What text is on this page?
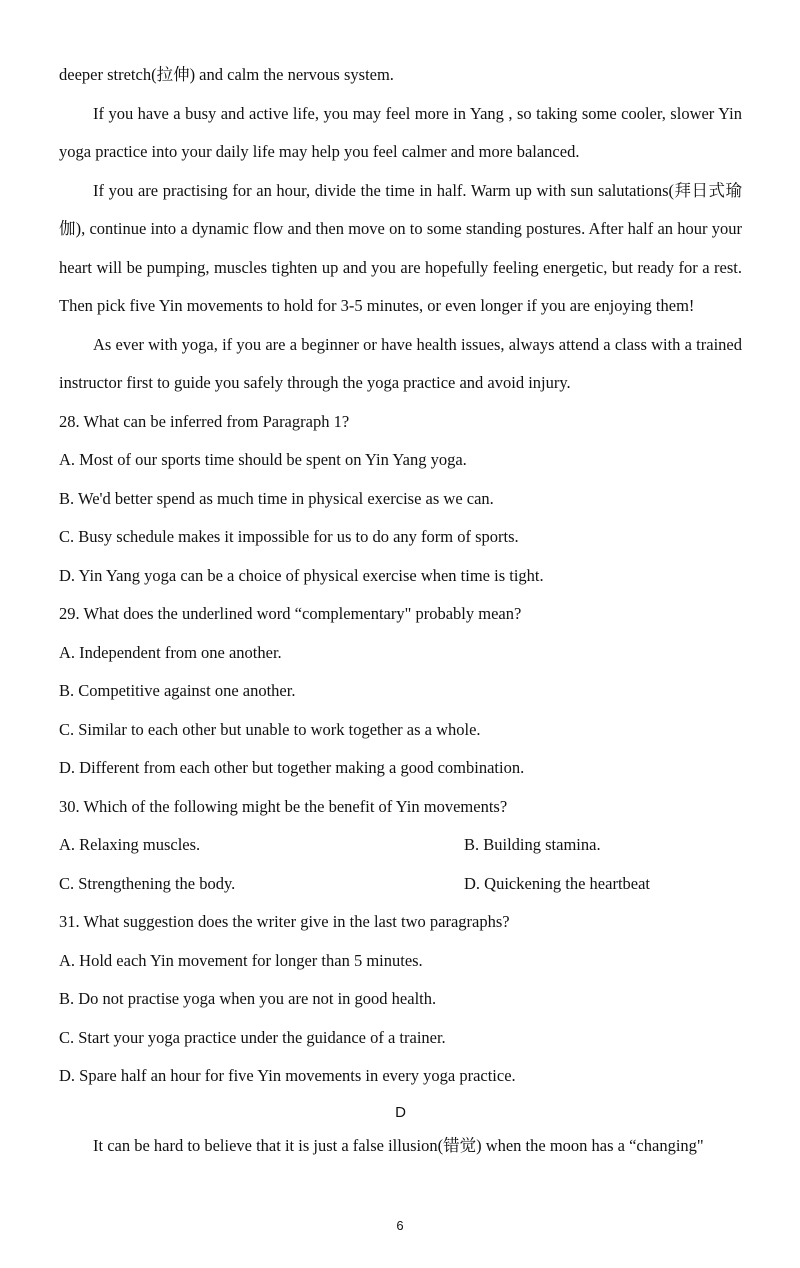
deeper stretch(拉伸) and calm the nervous system.

If you have a busy and active life, you may feel more in Yang , so taking some cooler, slower Yin yoga practice into your daily life may help you feel calmer and more balanced.

If you are practising for an hour, divide the time in half. Warm up with sun salutations(拜日式瑜伽), continue into a dynamic flow and then move on to some standing postures. After half an hour your heart will be pumping, muscles tighten up and you are hopefully feeling energetic, but ready for a rest. Then pick five Yin movements to hold for 3-5 minutes, or even longer if you are enjoying them!

As ever with yoga, if you are a beginner or have health issues, always attend a class with a trained instructor first to guide you safely through the yoga practice and avoid injury.

28. What can be inferred from Paragraph 1?

A. Most of our sports time should be spent on Yin Yang yoga.

B. We'd better spend as much time in physical exercise as we can.

C. Busy schedule makes it impossible for us to do any form of sports.

D. Yin Yang yoga can be a choice of physical exercise when time is tight.

29. What does the underlined word “complementary" probably mean?

A. Independent from one another.

B. Competitive against one another.

C. Similar to each other but unable to work together as a whole.

D. Different from each other but together making a good combination.

30. Which of the following might be the benefit of Yin movements?

A. Relaxing muscles.	B. Building stamina.
C. Strengthening the body.	D. Quickening the heartbeat

31. What suggestion does the writer give in the last two paragraphs?

A. Hold each Yin movement for longer than 5 minutes.

B. Do not practise yoga when you are not in good health.

C. Start your yoga practice under the guidance of a trainer.

D. Spare half an hour for five Yin movements in every yoga practice.

D

It can be hard to believe that it is just a false illusion(错觉) when the moon has a “changing"

6
